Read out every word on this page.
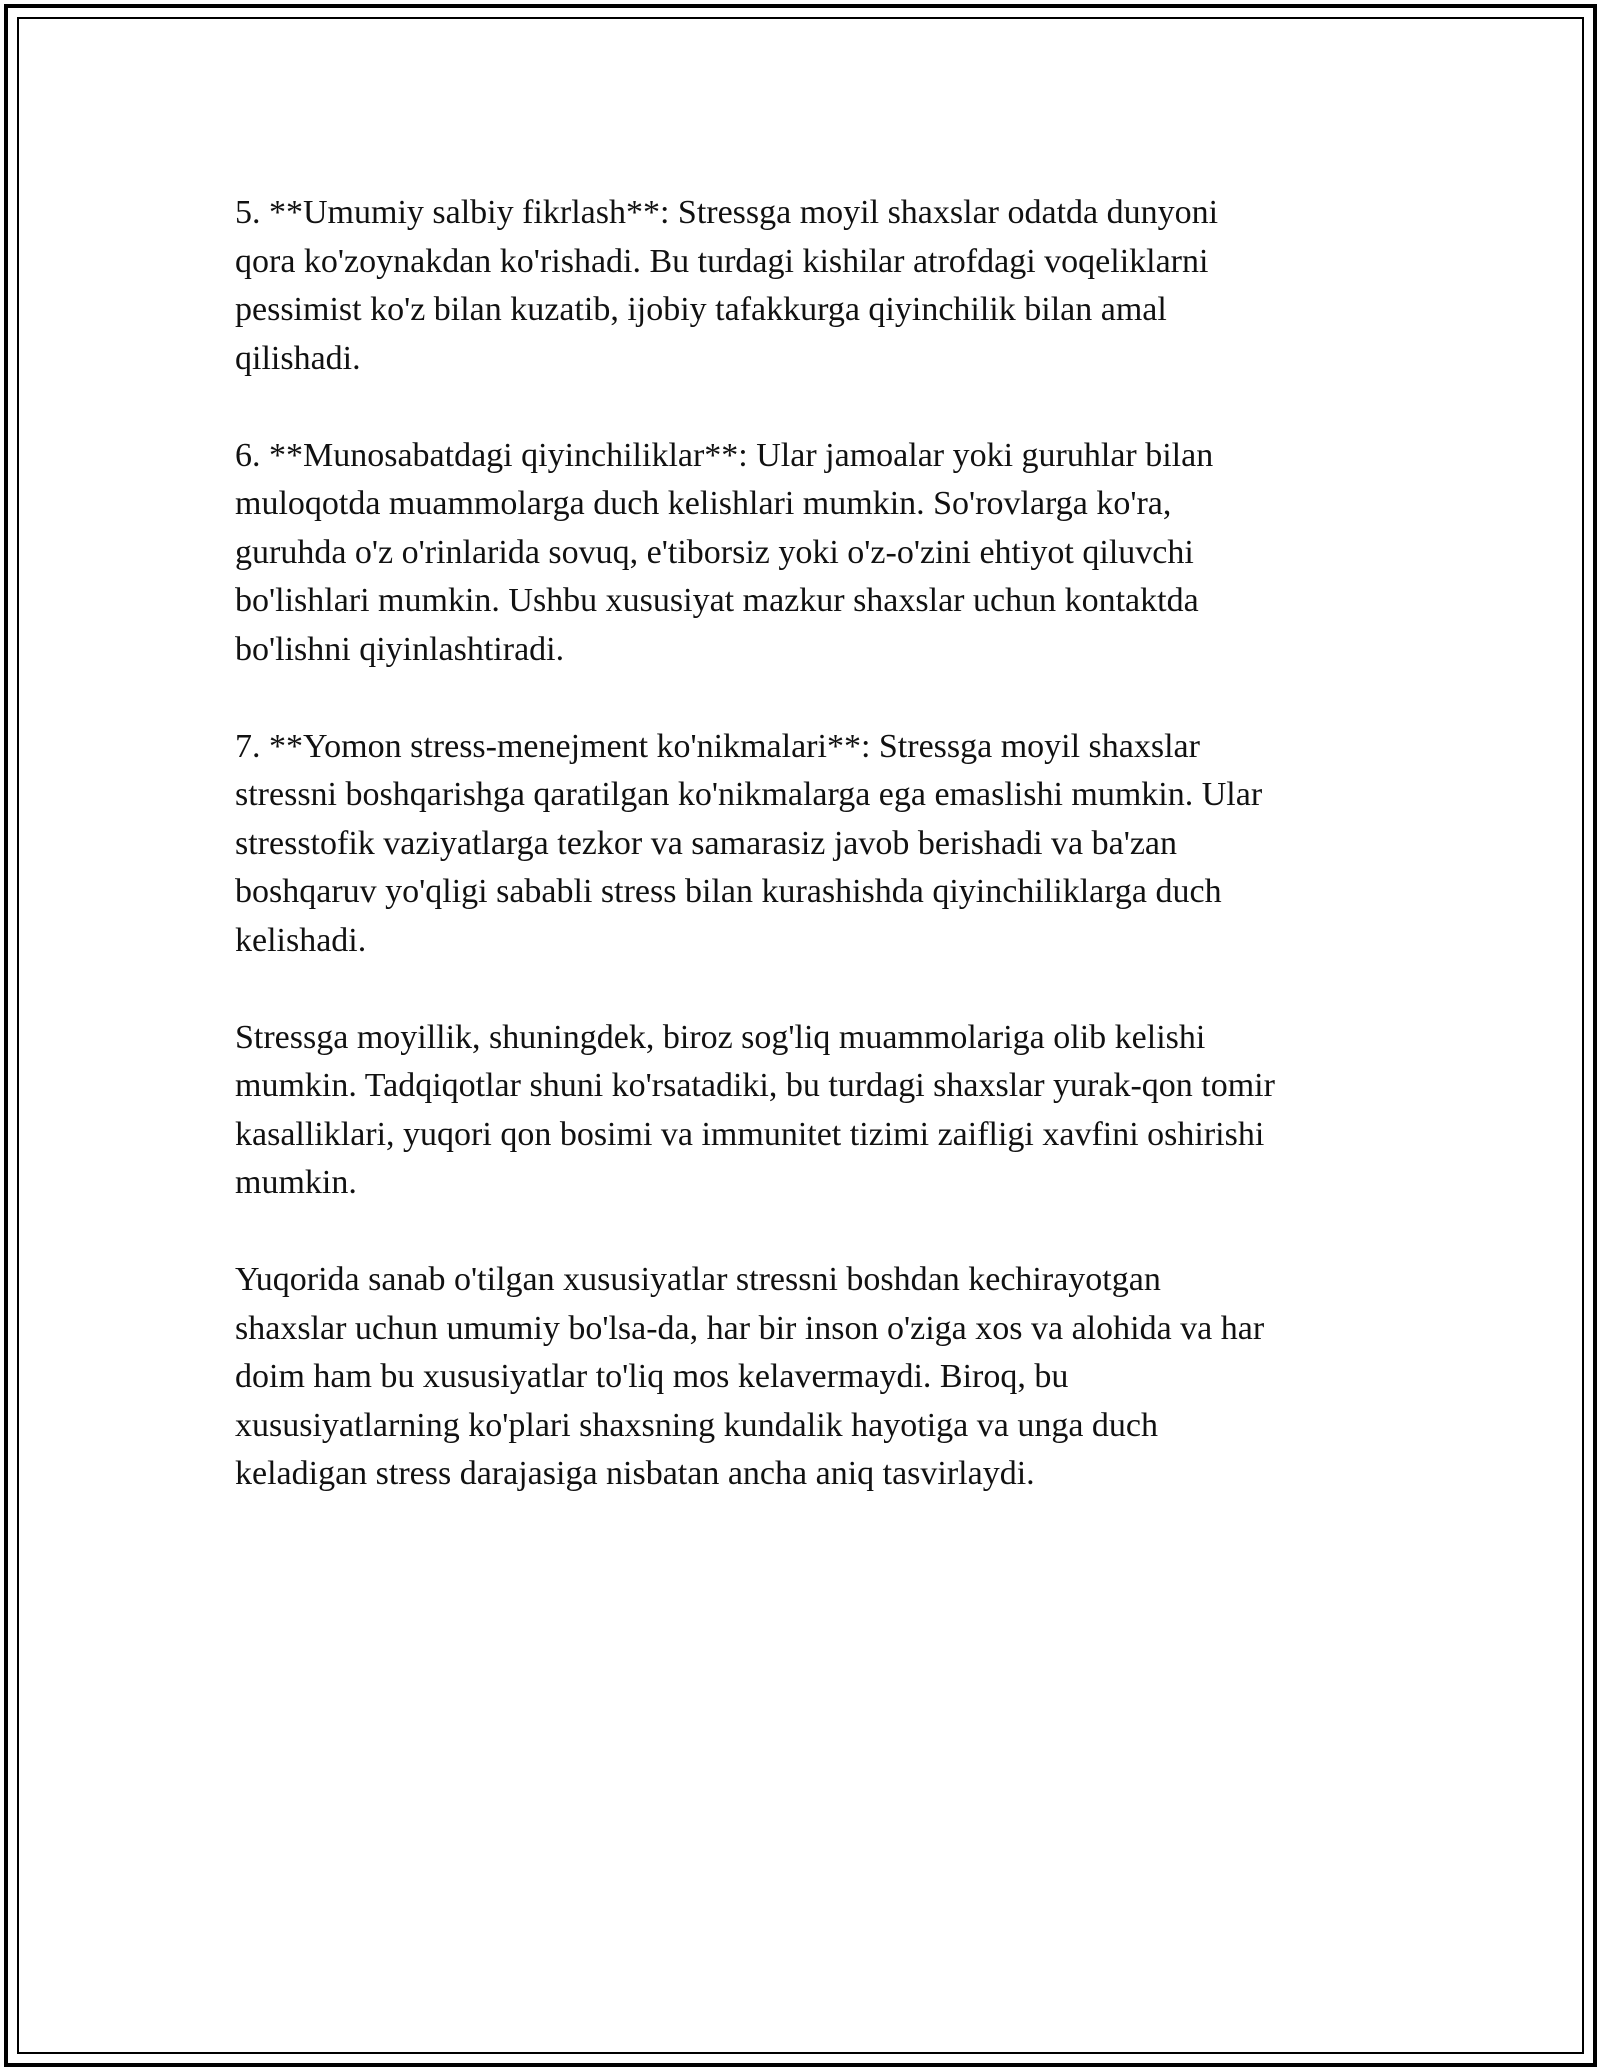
5. **Umumiy salbiy fikrlash**: Stressga moyil shaxslar odatda dunyoni
qora ko'zoynakdan ko'rishadi. Bu turdagi kishilar atrofdagi voqeliklarni
pessimist ko'z bilan kuzatib, ijobiy tafakkurga qiyinchilik bilan amal
qilishadi.

6. **Munosabatdagi qiyinchiliklar**: Ular jamoalar yoki guruhlar bilan
muloqotda muammolarga duch kelishlari mumkin. So'rovlarga ko'ra,
guruhda o'z o'rinlarida sovuq, e'tiborsiz yoki o'z-o'zini ehtiyot qiluvchi
bo'lishlari mumkin. Ushbu xususiyat mazkur shaxslar uchun kontaktda
bo'lishni qiyinlashtiradi.

7. **Yomon stress-menejment ko'nikmalari**: Stressga moyil shaxslar
stressni boshqarishga qaratilgan ko'nikmalarga ega emaslishi mumkin. Ular
stresstofik vaziyatlarga tezkor va samarasiz javob berishadi va ba'zan
boshqaruv yo'qligi sababli stress bilan kurashishda qiyinchiliklarga duch
kelishadi.

Stressga moyillik, shuningdek, biroz sog'liq muammolariga olib kelishi
mumkin. Tadqiqotlar shuni ko'rsatadiki, bu turdagi shaxslar yurak-qon tomir
kasalliklari, yuqori qon bosimi va immunitet tizimi zaifligi xavfini oshirishi
mumkin.

Yuqorida sanab o'tilgan xususiyatlar stressni boshdan kechirayotgan
shaxslar uchun umumiy bo'lsa-da, har bir inson o'ziga xos va alohida va har
doim ham bu xususiyatlar to'liq mos kelavermaydi. Biroq, bu
xususiyatlarning ko'plari shaxsning kundalik hayotiga va unga duch
keladigan stress darajasiga nisbatan ancha aniq tasvirlaydi.
